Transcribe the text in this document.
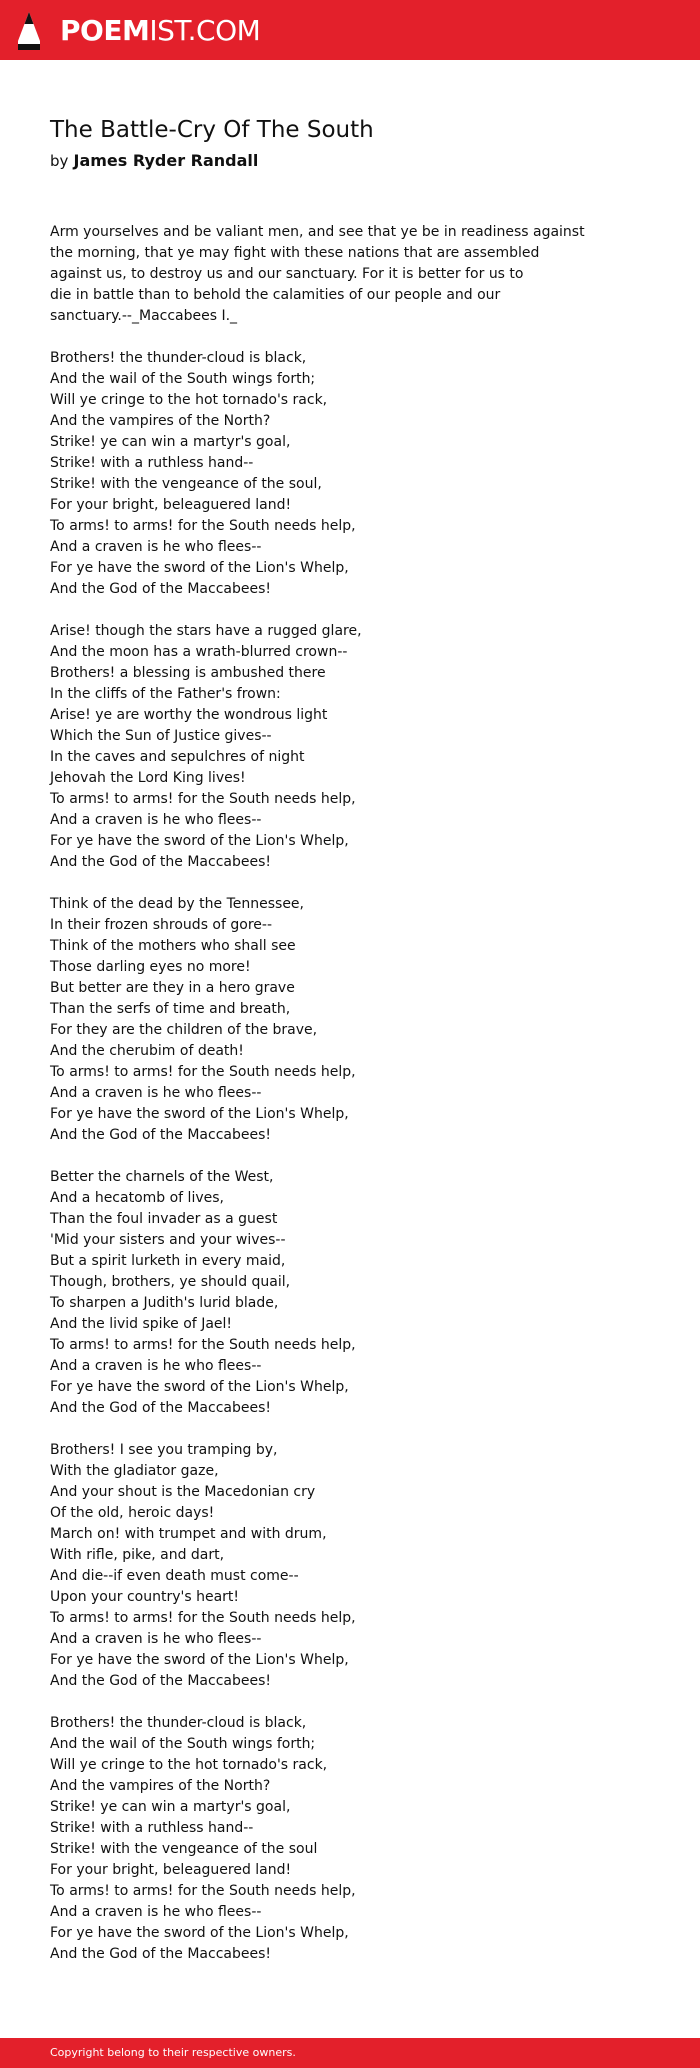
POEMIST.COM
The Battle-Cry Of The South

by James Ryder Randall

Arm yourselves and be valiant men, and see that ye be in readiness against
the morning, that ye may fight with these nations that are assembled
against us, to destroy us and our sanctuary. For it is better for us to
die in battle than to behold the calamities of our people and our
sanctuary.--_Maccabees I._
Brothers! the thunder-cloud is black,
And the wail of the South wings forth;
Will ye cringe to the hot tornado's rack,
And the vampires of the North?
Strike! ye can win a martyr's goal,
Strike! with a ruthless hand--
Strike! with the vengeance of the soul,
For your bright, beleaguered land!
To arms! to arms! for the South needs help,
And a craven is he who flees--
For ye have the sword of the Lion's Whelp,
And the God of the Maccabees!
Arise! though the stars have a rugged glare,
And the moon has a wrath-blurred crown--
Brothers! a blessing is ambushed there
In the cliffs of the Father's frown:
Arise! ye are worthy the wondrous light
Which the Sun of Justice gives--
In the caves and sepulchres of night
Jehovah the Lord King lives!
To arms! to arms! for the South needs help,
And a craven is he who flees--
For ye have the sword of the Lion's Whelp,
And the God of the Maccabees!
Think of the dead by the Tennessee,
In their frozen shrouds of gore--
Think of the mothers who shall see
Those darling eyes no more!
But better are they in a hero grave
Than the serfs of time and breath,
For they are the children of the brave,
And the cherubim of death!
To arms! to arms! for the South needs help,
And a craven is he who flees--
For ye have the sword of the Lion's Whelp,
And the God of the Maccabees!
Better the charnels of the West,
And a hecatomb of lives,
Than the foul invader as a guest
'Mid your sisters and your wives--
But a spirit lurketh in every maid,
Though, brothers, ye should quail,
To sharpen a Judith's lurid blade,
And the livid spike of Jael!
To arms! to arms! for the South needs help,
And a craven is he who flees--
For ye have the sword of the Lion's Whelp,
And the God of the Maccabees!
Brothers! I see you tramping by,
With the gladiator gaze,
And your shout is the Macedonian cry
Of the old, heroic days!
March on! with trumpet and with drum,
With rifle, pike, and dart,
And die--if even death must come--
Upon your country's heart!
To arms! to arms! for the South needs help,
And a craven is he who flees--
For ye have the sword of the Lion's Whelp,
And the God of the Maccabees!
Brothers! the thunder-cloud is black,
And the wail of the South wings forth;
Will ye cringe to the hot tornado's rack,
And the vampires of the North?
Strike! ye can win a martyr's goal,
Strike! with a ruthless hand--
Strike! with the vengeance of the soul
For your bright, beleaguered land!
To arms! to arms! for the South needs help,
And a craven is he who flees--
For ye have the sword of the Lion's Whelp,
And the God of the Maccabees!
Copyright belong to their respective owners.
